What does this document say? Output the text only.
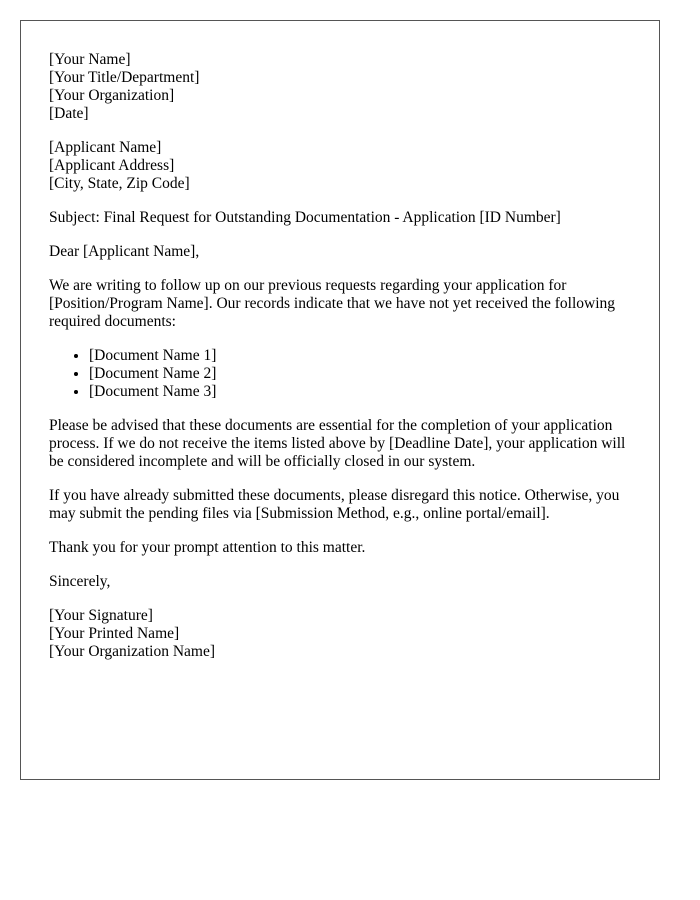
[Your Name]
[Your Title/Department]
[Your Organization]
[Date]
[Applicant Name]
[Applicant Address]
[City, State, Zip Code]

Subject: Final Request for Outstanding Documentation - Application [ID Number]

Dear [Applicant Name],

We are writing to follow up on our previous requests regarding your application for [Position/Program Name]. Our records indicate that we have not yet received the following required documents:

• [Document Name 1]
• [Document Name 2]
• [Document Name 3]

Please be advised that these documents are essential for the completion of your application process. If we do not receive the items listed above by [Deadline Date], your application will be considered incomplete and will be officially closed in our system.

If you have already submitted these documents, please disregard this notice. Otherwise, you may submit the pending files via [Submission Method, e.g., online portal/email].

Thank you for your prompt attention to this matter.

Sincerely,

[Your Signature]
[Your Printed Name]
[Your Organization Name]
